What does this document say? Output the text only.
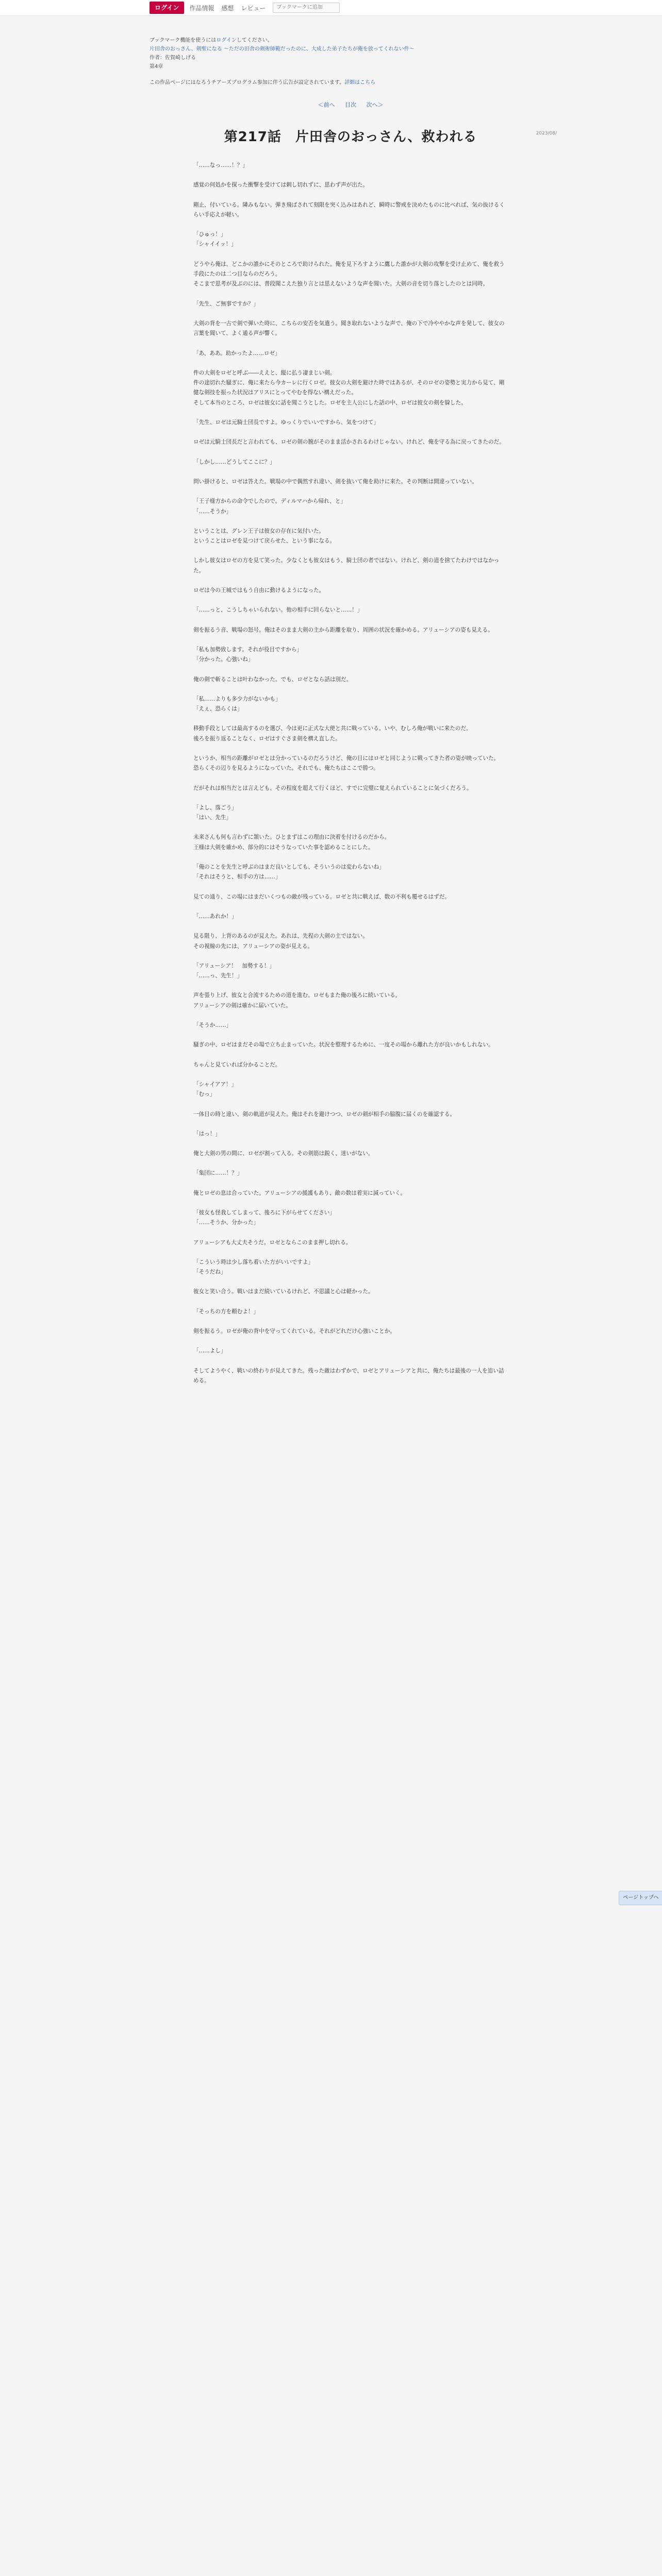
ログイン	作品情報 感想 レビュー
ブックマークに追加
ブックマーク機能を使うにはログインしてください。
片田舎のおっさん、剣聖になる ～ただの田舎の剣術師範だったのに、大成した弟子たちが俺を放ってくれない件～
作者：佐賀崎しげる
第4章
この作品ページにはなろうチアーズプログラム参加に伴う広告が設定されています。詳細はこちら
＜前へ 目次 次へ＞
2023/08/
第217話　片田舎のおっさん、救われる

「……なっ……！？」

感覚の何処かを探った衝撃を受けては刺し切れずに、思わず声が出た。

剛止、付いている。隣みもない。弾き飛ばされて刻限を突く込みはあれど、瞬時に警戒を決めたものに比べれば、気の抜けるくらい手応えが軽い。

「ひゅっ！」
「シャイイッ！」

どうやら俺は、どこかの誰かにそのところで助けられた。俺を見下ろすように鷹した誰かが大剣の攻撃を受け止めて、俺を救う手段にたのは二つ目ならのだろう。
そこまで思考が及ぶのには、普段聞こえた独り言とは思えないような声を聞いた。大剣の音を切り落としたのとは同時。

「先生、ご無事ですか？」

大剣の背を一古で剣で弾いた時に、こちらの安否を気遣う。聞き取れないような声で、俺の下で冷ややかな声を発して、彼女の言葉を聞いて、よく通る声が響く。

「あ、ああ。助かったよ……ロゼ」

件の大剣をロゼと呼ぶ――ええと、縦に払う凄まじい剣。
件の途切れた騒ぎに、俺に来たら今カーレに行くロゼ。彼女の大剣を避けた時ではあるが、そのロゼの姿勢と実力から見て、剛健な剣技を振った状況はアリスにとってやむを得ない構えだった。
そして本当のところ、ロゼは彼女に話を聞こうとした。ロゼを主人公にした話の中、ロゼは彼女の剣を躱した。

「先生、ロゼは元騎士団長ですよ。ゆっくりでいいですから、気をつけて」

ロゼは元騎士団長だと言われても、ロゼの剣の腕がそのまま活かされるわけじゃない。けれど、俺を守る為に戻ってきたのだ。

「しかし……どうしてここに？」

問い掛けると、ロゼは答えた。戦場の中で偶然すれ違い、剣を抜いて俺を助けに来た。その判断は間違っていない。

「王子様方からの命令でしたので。ディルマハから帰れ、と」
「……そうか」

ということは、グレン王子は彼女の存在に気付いた。
ということはロゼを見つけて戻らせた、という事になる。

しかし彼女はロゼの方を見て笑った。少なくとも彼女はもう、騎士団の者ではない。けれど、剣の道を捨てたわけではなかった。

ロゼは今の王城ではもう自由に動けるようになった。

「……っと、こうしちゃいられない。他の相手に回らないと……！」

剣を振るう音、戦場の怒号。俺はそのまま大剣の主から距離を取り、周囲の状況を確かめる。アリューシアの姿も見える。

「私も加勢致します。それが役目ですから」
「分かった。心強いね」

俺の剣で斬ることは叶わなかった。でも、ロゼとなら話は別だ。

「私……よりも多少力がないかも」
「えぇ、恐らくは」

移動手段としては最高するのを選び、今は更に正式な大使と共に戦っている。いや、むしろ俺が戦いに来たのだ。
後ろを振り返ることなく、ロゼはすぐさま剣を構え直した。

というか、相当の距離がロゼとは分かっているのだろうけど、俺の目にはロゼと同じように戦ってきた者の姿が映っていた。
恐らくその辺りを見るようになっていた。それでも、俺たちはここで勝つ。

だがそれは相当だとは言えども、その程度を超えて行くほど、すでに完璧に覚えられていることに気づくだろう。

「よし、落ごう」
「はい、先生」

未来さんも何も言わずに頷いた。ひとまずはこの理由に決着を付けるのだから。
王様は大剣を確かめ、部分的にはそうなっていた事を認めることにした。

「俺のことを先生と呼ぶのはまだ良いとしても、そういうのは変わらないね」
「それはそうと、相手の方は……」

見ての通り、この場にはまだいくつもの敵が残っている。ロゼと共に戦えば、数の不利も覆せるはずだ。

「……あれか！」

見る限り、上背のあるのが見えた。あれは、先程の大剣の主ではない。
その視線の先には、アリューシアの姿が見える。

「アリューシア！　加勢する！」
「……っ、先生！」

声を張り上げ、彼女と合流するための道を進む。ロゼもまた俺の後ろに続いている。
アリューシアの剣は確かに届いていた。

「そうか……」

騒ぎの中、ロゼはまだその場で立ち止まっていた。状況を整理するために、一度その場から離れた方が良いかもしれない。

ちゃんと見ていれば分かることだ。

「シャイアア！」
「むっ」

一体目の時と違い、剣の軌道が見えた。俺はそれを避けつつ、ロゼの剣が相手の脇腹に届くのを確認する。

「はっ！」

俺と大剣の男の間に、ロゼが割って入る。その剣筋は鋭く、迷いがない。

「集団に……！？」

俺とロゼの息は合っていた。アリューシアの援護もあり、敵の数は着実に減っていく。

「彼女も怪我してしまって、後ろに下がらせてください」
「……そうか、分かった」

アリューシアも大丈夫そうだ。ロゼとならこのまま押し切れる。

「こういう時は少し落ち着いた方がいいですよ」
「そうだね」

彼女と笑い合う。戦いはまだ続いているけれど、不思議と心は軽かった。

「そっちの方を頼むよ！」

剣を振るう。ロゼが俺の背中を守ってくれている。それがどれだけ心強いことか。

「……よし」

そしてようやく、戦いの終わりが見えてきた。残った敵はわずかで、ロゼとアリューシアと共に、俺たちは最後の一人を追い詰める。

ページトップへ
